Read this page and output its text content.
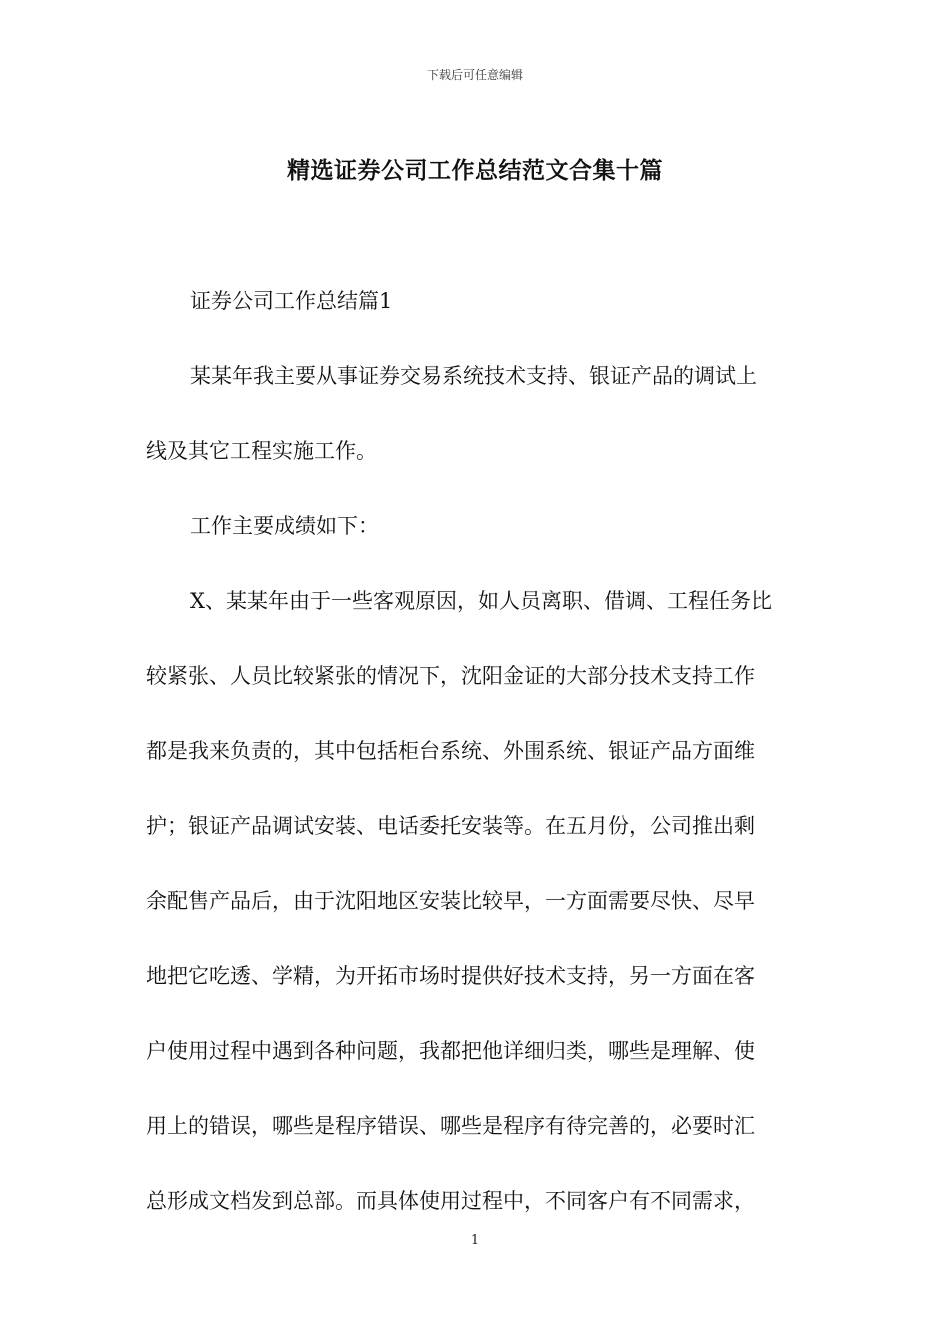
下载后可任意编辑
精选证券公司工作总结范文合集十篇
证券公司工作总结篇1
某某年我主要从事证券交易系统技术支持、银证产品的调试上
线及其它工程实施工作。
工作主要成绩如下：
X、某某年由于一些客观原因，如人员离职、借调、工程任务比
较紧张、人员比较紧张的情况下，沈阳金证的大部分技术支持工作
都是我来负责的，其中包括柜台系统、外围系统、银证产品方面维
护；银证产品调试安装、电话委托安装等。在五月份，公司推出剩
余配售产品后，由于沈阳地区安装比较早，一方面需要尽快、尽早
地把它吃透、学精，为开拓市场时提供好技术支持，另一方面在客
户使用过程中遇到各种问题，我都把他详细归类，哪些是理解、使
用上的错误，哪些是程序错误、哪些是程序有待完善的，必要时汇
总形成文档发到总部。而具体使用过程中，不同客户有不同需求，
1
